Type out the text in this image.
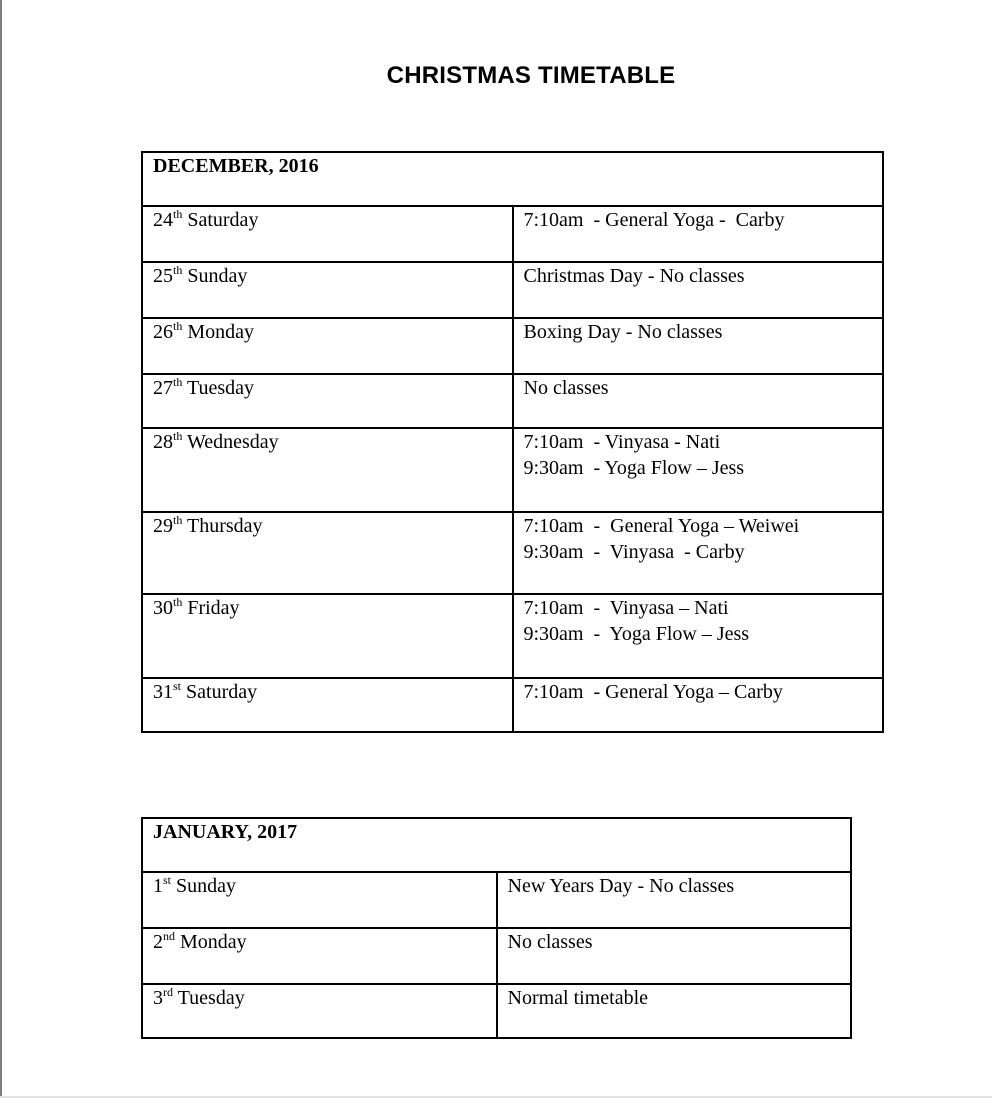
CHRISTMAS TIMETABLE
DECEMBER, 2016	
24th Saturday	7:10am  - General Yoga -  Carby

25th Sunday	Christmas Day - No classes

26th Monday	Boxing Day - No classes

27th Tuesday	No classes

28th Wednesday	7:10am  - Vinyasa - Nati
9:30am  - Yoga Flow – Jess

29th Thursday	7:10am  -  General Yoga – Weiwei
9:30am  -  Vinyasa  - Carby

30th Friday	7:10am  -  Vinyasa – Nati
9:30am  -  Yoga Flow – Jess

31st Saturday	7:10am  - General Yoga – Carby
JANUARY, 2017	
1st Sunday	New Years Day - No classes

2nd Monday	No classes

3rd Tuesday	Normal timetable
